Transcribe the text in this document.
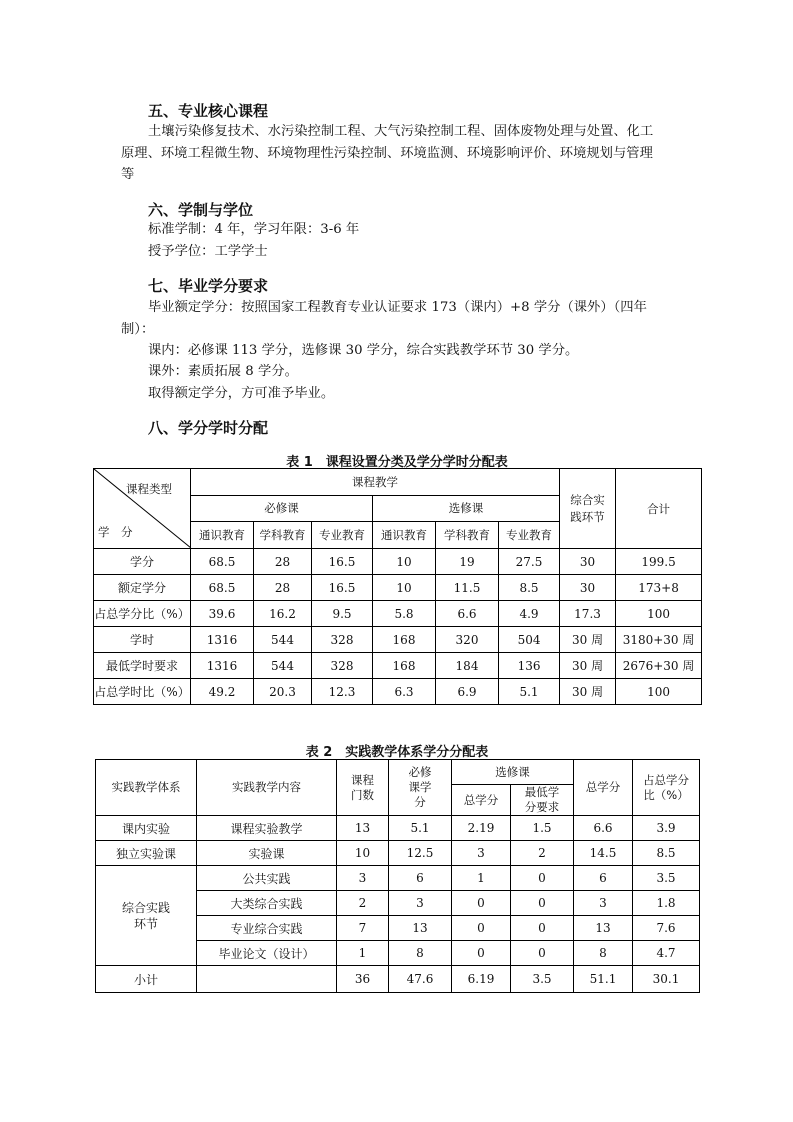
五、专业核心课程
土壤污染修复技术、水污染控制工程、大气污染控制工程、固体废物处理与处置、化工
原理、环境工程微生物、环境物理性污染控制、环境监测、环境影响评价、环境规划与管理
等
六、学制与学位
标准学制：4 年，学习年限：3-6 年
授予学位：工学学士
七、毕业学分要求
毕业额定学分：按照国家工程教育专业认证要求 173（课内）+8 学分（课外）（四年
制）：
课内：必修课 113 学分，选修课 30 学分，综合实践教学环节 30 学分。
课外：素质拓展 8 学分。
取得额定学分，方可准予毕业。
八、学分学时分配
表 1　课程设置分类及学分学时分配表
课程类型
学　分	课程教学						综合实践环节	合计
	必修课			选修课				
	通识教育	学科教育	专业教育	通识教育	学科教育	专业教育		
学分	68.5	28	16.5	10	19	27.5	30	199.5
额定学分	68.5	28	16.5	10	11.5	8.5	30	173+8
占总学分比（%）	39.6	16.2	9.5	5.8	6.6	4.9	17.3	100
学时	1316	544	328	168	320	504	30 周	3180+30 周
最低学时要求	1316	544	328	168	184	136	30 周	2676+30 周
占总学时比（%）	49.2	20.3	12.3	6.3	6.9	5.1	30 周	100
表 2　实践教学体系学分分配表
实践教学体系	实践教学内容	课程门数	必修课学分	选修课		总学分	占总学分比（%）
				总学分	最低学分要求		
课内实验	课程实验教学	13	5.1	2.19	1.5	6.6	3.9
独立实验课	实验课	10	12.5	3	2	14.5	8.5
综合实践环节	公共实践	3	6	1	0	6	3.5
	大类综合实践	2	3	0	0	3	1.8
	专业综合实践	7	13	0	0	13	7.6
	毕业论文（设计）	1	8	0	0	8	4.7
小计		36	47.6	6.19	3.5	51.1	30.1
